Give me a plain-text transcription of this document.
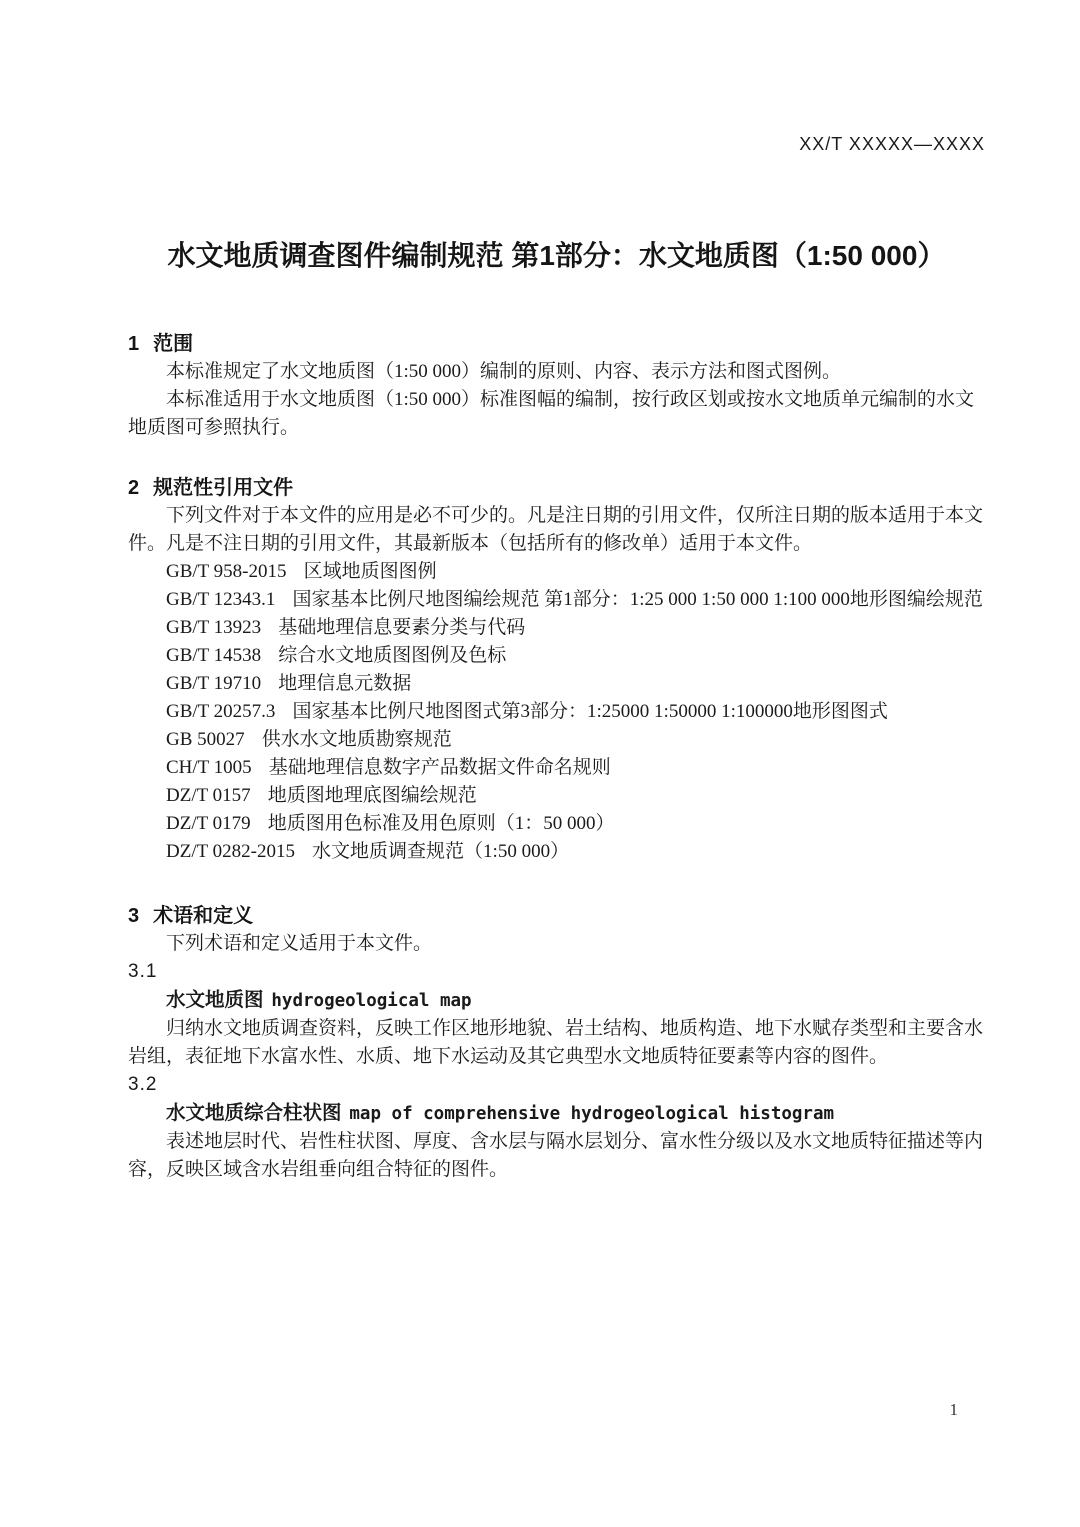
XX/T XXXXX—XXXX
水文地质调查图件编制规范 第1部分：水文地质图（1:50 000）
1 范围

本标准规定了水文地质图（1:50 000）编制的原则、内容、表示方法和图式图例。

本标准适用于水文地质图（1:50 000）标准图幅的编制，按行政区划或按水文地质单元编制的水文地质图可参照执行。

2 规范性引用文件

下列文件对于本文件的应用是必不可少的。凡是注日期的引用文件，仅所注日期的版本适用于本文件。凡是不注日期的引用文件，其最新版本（包括所有的修改单）适用于本文件。

GB/T 958-2015 区域地质图图例

GB/T 12343.1 国家基本比例尺地图编绘规范 第1部分：1:25 000 1:50 000 1:100 000地形图编绘规范

GB/T 13923 基础地理信息要素分类与代码

GB/T 14538 综合水文地质图图例及色标

GB/T 19710 地理信息元数据

GB/T 20257.3 国家基本比例尺地图图式第3部分：1:25000 1:50000 1:100000地形图图式

GB 50027 供水水文地质勘察规范

CH/T 1005 基础地理信息数字产品数据文件命名规则

DZ/T 0157 地质图地理底图编绘规范

DZ/T 0179 地质图用色标准及用色原则（1：50 000）

DZ/T 0282-2015 水文地质调查规范（1:50 000）

3 术语和定义

下列术语和定义适用于本文件。

3.1

水文地质图 hydrogeological map

归纳水文地质调查资料，反映工作区地形地貌、岩土结构、地质构造、地下水赋存类型和主要含水岩组，表征地下水富水性、水质、地下水运动及其它典型水文地质特征要素等内容的图件。

3.2

水文地质综合柱状图 map of comprehensive hydrogeological histogram

表述地层时代、岩性柱状图、厚度、含水层与隔水层划分、富水性分级以及水文地质特征描述等内容，反映区域含水岩组垂向组合特征的图件。

1
